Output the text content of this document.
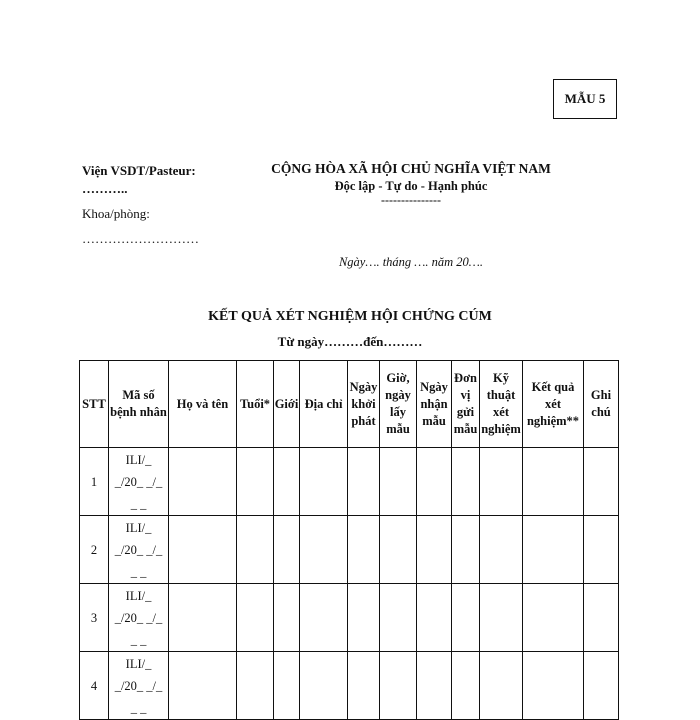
MẪU 5
Viện VSDT/Pasteur:
………..
Khoa/phòng:
………………………
CỘNG HÒA XÃ HỘI CHỦ NGHĨA VIỆT NAM
Độc lập - Tự do - Hạnh phúc
---------------
Ngày…. tháng …. năm 20….
KẾT QUẢ XÉT NGHIỆM HỘI CHỨNG CÚM
Từ ngày………đến………
STT	Mã số bệnh nhân	Họ và tên	Tuổi*	Giới	Địa chỉ	Ngày khởi phát	Giờ, ngày lấy mẫu	Ngày nhận mẫu	Đơn vị gửi mẫu	Kỹ thuật xét nghiệm	Kết quả xét nghiệm**	Ghi chú
1	ILI/_
_/20_ _/_
_ _											

2	ILI/_
_/20_ _/_
_ _											

3	ILI/_
_/20_ _/_
_ _											

4	ILI/_
_/20_ _/_
_ _											
